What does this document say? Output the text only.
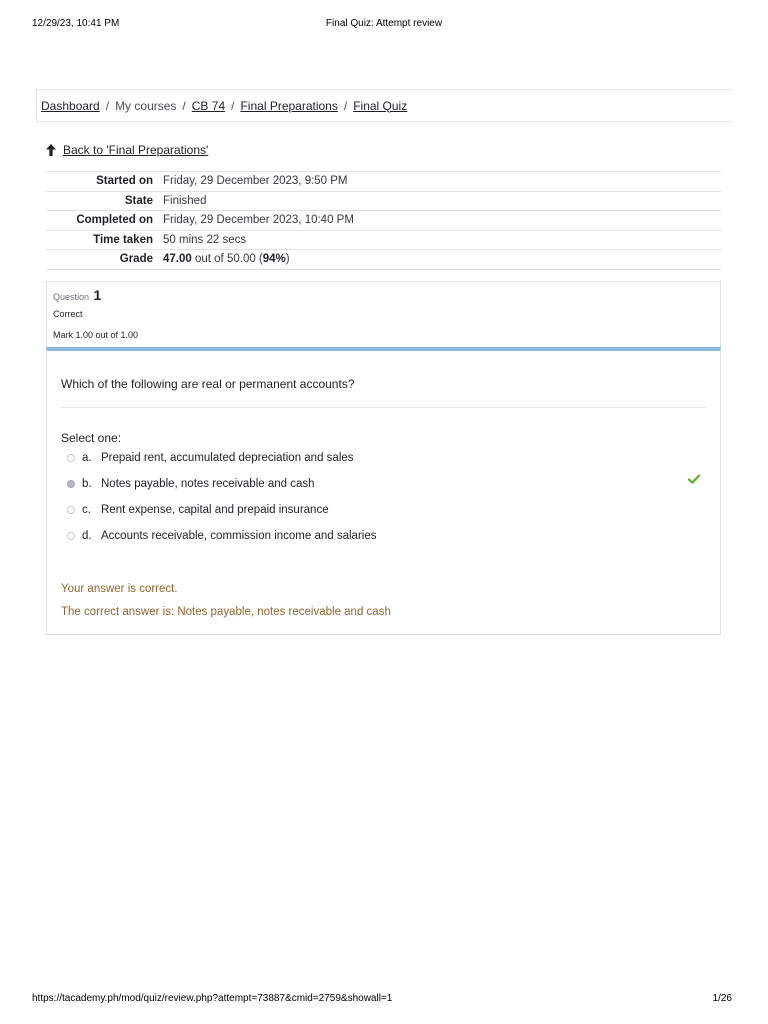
12/29/23, 10:41 PM	Final Quiz: Attempt review
Dashboard / My courses / CB 74 / Final Preparations / Final Quiz
Back to 'Final Preparations'
Started on	Friday, 29 December 2023, 9:50 PM
State	Finished
Completed on	Friday, 29 December 2023, 10:40 PM
Time taken	50 mins 22 secs
Grade	47.00 out of 50.00 (94%)
Question 1
Correct
Mark 1.00 out of 1.00
Which of the following are real or permanent accounts?
Select one:
a. Prepaid rent, accumulated depreciation and sales
b. Notes payable, notes receivable and cash
c. Rent expense, capital and prepaid insurance
d. Accounts receivable, commission income and salaries
Your answer is correct.
The correct answer is: Notes payable, notes receivable and cash
https://tacademy.ph/mod/quiz/review.php?attempt=73887&cmid=2759&showall=1	1/26
